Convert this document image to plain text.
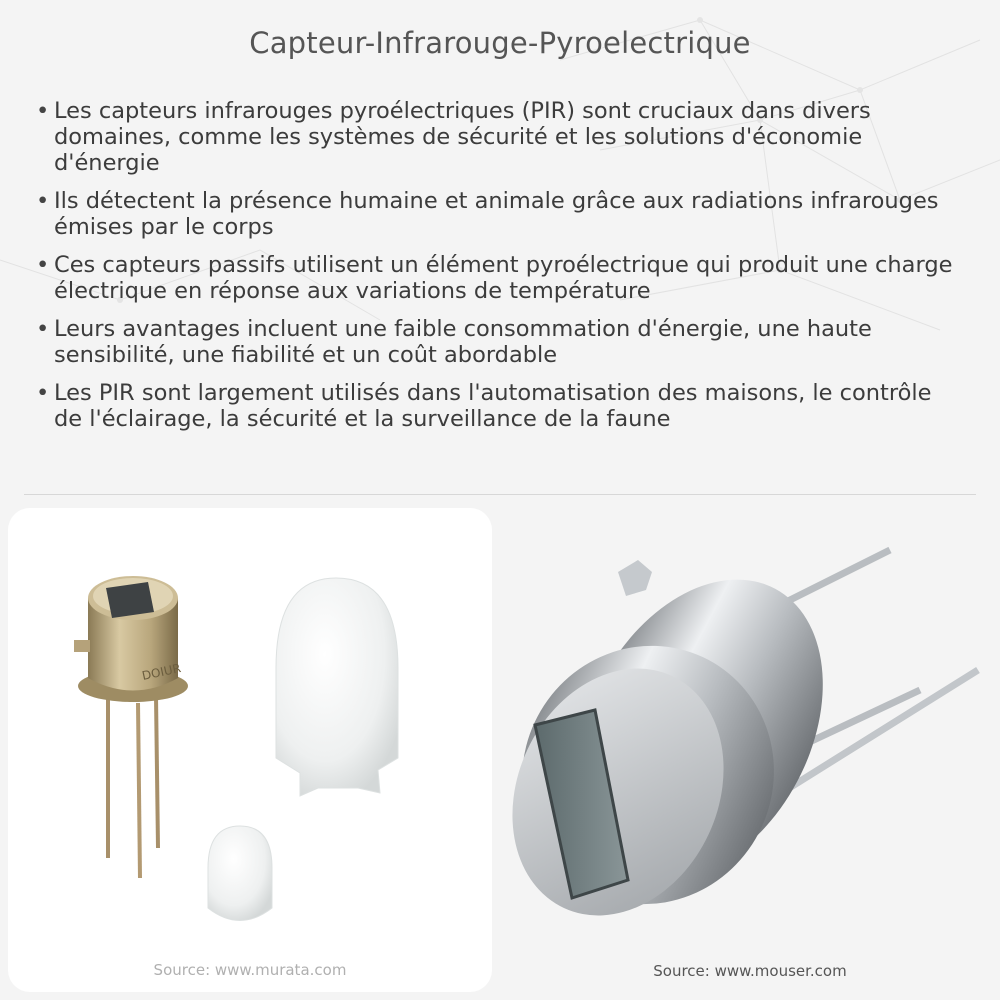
Capteur-Infrarouge-Pyroelectrique
• Les capteurs infrarouges pyroélectriques (PIR) sont cruciaux dans divers domaines, comme les systèmes de sécurité et les solutions d'économie d'énergie
• Ils détectent la présence humaine et animale grâce aux radiations infrarouges émises par le corps
• Ces capteurs passifs utilisent un élément pyroélectrique qui produit une charge électrique en réponse aux variations de température
• Leurs avantages incluent une faible consommation d'énergie, une haute sensibilité, une fiabilité et un coût abordable
• Les PIR sont largement utilisés dans l'automatisation des maisons, le contrôle de l'éclairage, la sécurité et la surveillance de la faune
DOIUR
Source: www.murata.com	Source: www.mouser.com
